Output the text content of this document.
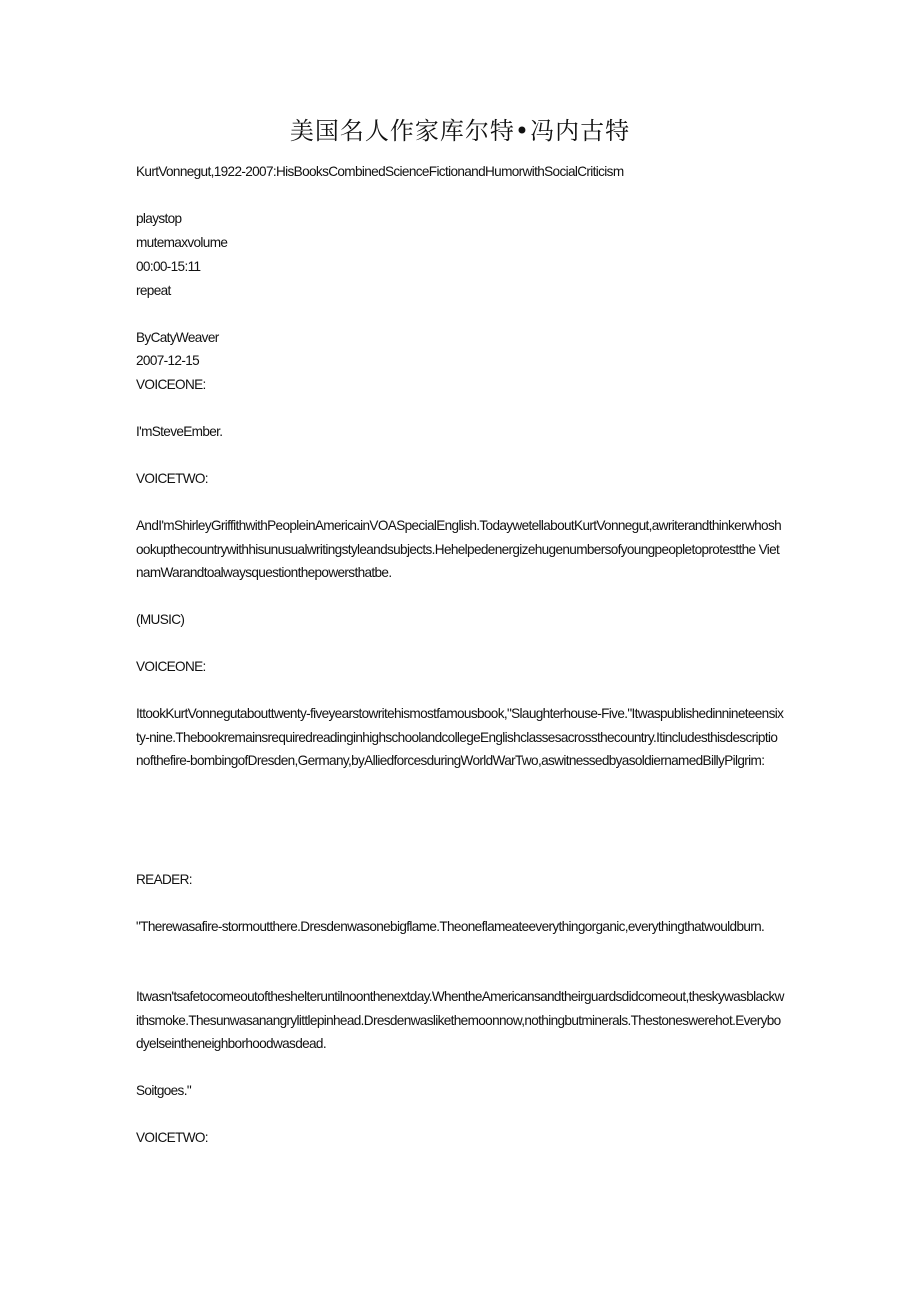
美国名人作家库尔特•冯内古特

KurtVonnegut,1922-2007:HisBooksCombinedScienceFictionandHumorwithSocialCriticism

playstop

mutemaxvolume

00:00-15:11

repeat

ByCatyWeaver

2007-12-15

VOICEONE:

I'mSteveEmber.

VOICETWO:

AndI'mShirleyGriffithwithPeopleinAmericainVOASpecialEnglish.TodaywetellaboutKurtVonnegut,awriterandthinkerwhoshookupthecountrywithhisunusualwritingstyleandsubjects.Hehelpedenergizehugenumbersofyoungpeopletoprotestthe VietnamWarandtoalwaysquestionthepowersthatbe.

(MUSIC)

VOICEONE:

IttookKurtVonnegutabouttwenty-fiveyearstowritehismostfamousbook,"Slaughterhouse-Five."Itwaspublishedinnineteensixty-nine.ThebookremainsrequiredreadinginhighschoolandcollegeEnglishclassesacrossthecountry.Itincludesthisdescriptionofthefire-bombingofDresden,Germany,byAlliedforcesduringWorldWarTwo,aswitnessedbyasoldiernamedBillyPilgrim:

READER:

"Therewasafire-stormoutthere.Dresdenwasonebigflame.Theoneflameateeverythingorganic,everythingthatwouldburn.

Itwasn'tsafetocomeoutoftheshelteruntilnoonthenextday.WhentheAmericansandtheirguardsdidcomeout,theskywasblackwithsmoke.Thesunwasanangrylittlepinhead.Dresdenwaslikethemoonnow,nothingbutminerals.Thestoneswerehot.Everybodyelseintheneighborhoodwasdead.

Soitgoes."

VOICETWO:
